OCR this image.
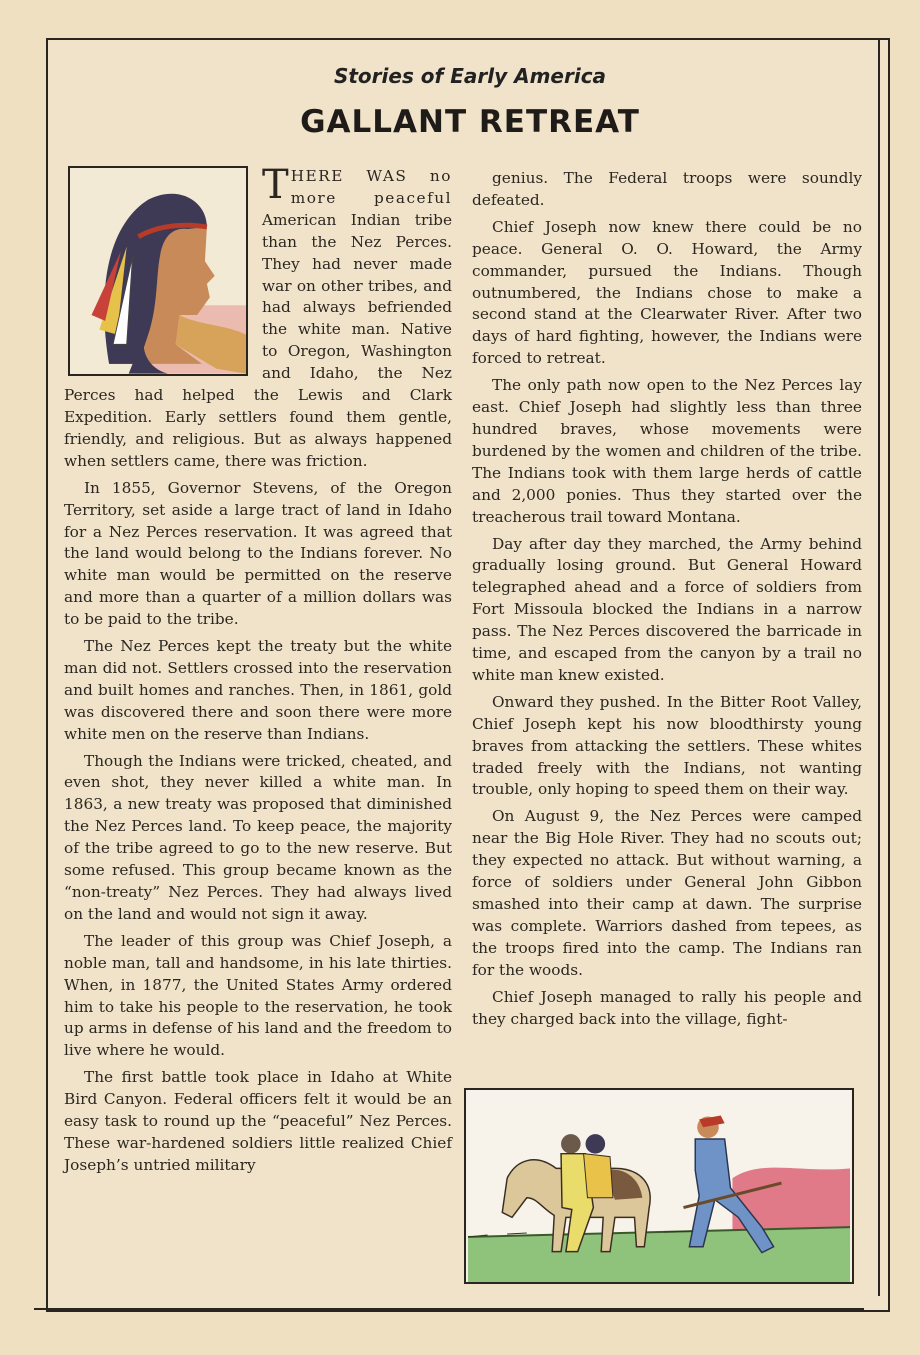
Stories of Early America
GALLANT RETREAT

THERE WAS no more peaceful American Indian tribe than the Nez Perces. They had never made war on other tribes, and had always befriended the white man. Native to Oregon, Washington and Idaho, the Nez Perces had helped the Lewis and Clark Expedition. Early settlers found them gentle, friendly, and religious. But as always happened when settlers came, there was friction.

In 1855, Governor Stevens, of the Oregon Territory, set aside a large tract of land in Idaho for a Nez Perces reservation. It was agreed that the land would belong to the Indians forever. No white man would be permitted on the reserve and more than a quarter of a million dollars was to be paid to the tribe.

The Nez Perces kept the treaty but the white man did not. Settlers crossed into the reservation and built homes and ranches. Then, in 1861, gold was discovered there and soon there were more white men on the reserve than Indians.

Though the Indians were tricked, cheated, and even shot, they never killed a white man. In 1863, a new treaty was proposed that diminished the Nez Perces land. To keep peace, the majority of the tribe agreed to go to the new reserve. But some refused. This group became known as the “non-treaty” Nez Perces. They had always lived on the land and would not sign it away.

The leader of this group was Chief Joseph, a noble man, tall and handsome, in his late thirties. When, in 1877, the United States Army ordered him to take his people to the reservation, he took up arms in defense of his land and the freedom to live where he would.

The first battle took place in Idaho at White Bird Canyon. Federal officers felt it would be an easy task to round up the “peaceful” Nez Perces. These war-hardened soldiers little realized Chief Joseph’s untried military

genius. The Federal troops were soundly defeated.

Chief Joseph now knew there could be no peace. General O. O. Howard, the Army commander, pursued the Indians. Though outnumbered, the Indians chose to make a second stand at the Clearwater River. After two days of hard fighting, however, the Indians were forced to retreat.

The only path now open to the Nez Perces lay east. Chief Joseph had slightly less than three hundred braves, whose movements were burdened by the women and children of the tribe. The Indians took with them large herds of cattle and 2,000 ponies. Thus they started over the treacherous trail toward Montana.

Day after day they marched, the Army behind gradually losing ground. But General Howard telegraphed ahead and a force of soldiers from Fort Missoula blocked the Indians in a narrow pass. The Nez Perces discovered the barricade in time, and escaped from the canyon by a trail no white man knew existed.

Onward they pushed. In the Bitter Root Valley, Chief Joseph kept his now bloodthirsty young braves from attacking the settlers. These whites traded freely with the Indians, not wanting trouble, only hoping to speed them on their way.

On August 9, the Nez Perces were camped near the Big Hole River. They had no scouts out; they expected no attack. But without warning, a force of soldiers under General John Gibbon smashed into their camp at dawn. The surprise was complete. Warriors dashed from tepees, as the troops fired into the camp. The Indians ran for the woods.

Chief Joseph managed to rally his people and they charged back into the village, fight-
